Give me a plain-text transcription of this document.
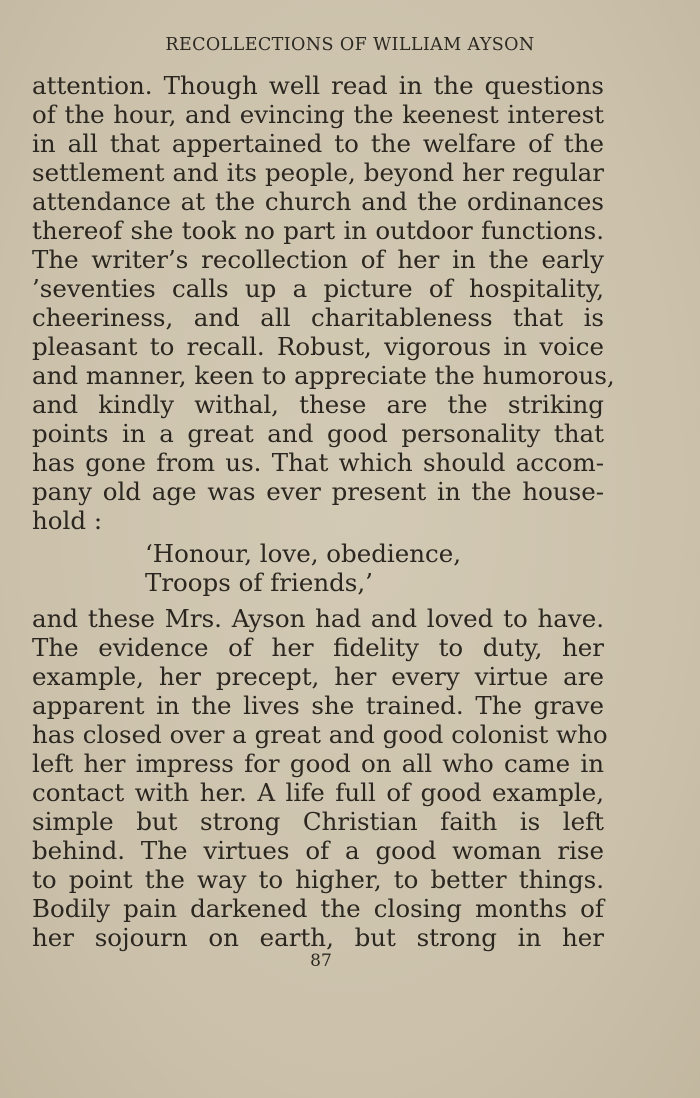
RECOLLECTIONS OF WILLIAM AYSON
attention. Though well read in the questions
of the hour, and evincing the keenest interest
in all that appertained to the welfare of the
settlement and its people, beyond her regular
attendance at the church and the ordinances
thereof she took no part in outdoor functions.
The writer’s recollection of her in the early
’seventies calls up a picture of hospitality,
cheeriness, and all charitableness that is
pleasant to recall. Robust, vigorous in voice
and manner, keen to appreciate the humorous,
and kindly withal, these are the striking
points in a great and good personality that
has gone from us. That which should accom-
pany old age was ever present in the house-
hold :
‘Honour, love, obedience,
Troops of friends,’
and these Mrs. Ayson had and loved to have.
The evidence of her fidelity to duty, her
example, her precept, her every virtue are
apparent in the lives she trained. The grave
has closed over a great and good colonist who
left her impress for good on all who came in
contact with her. A life full of good example,
simple but strong Christian faith is left
behind. The virtues of a good woman rise
to point the way to higher, to better things.
Bodily pain darkened the closing months of
her sojourn on earth, but strong in her
87
